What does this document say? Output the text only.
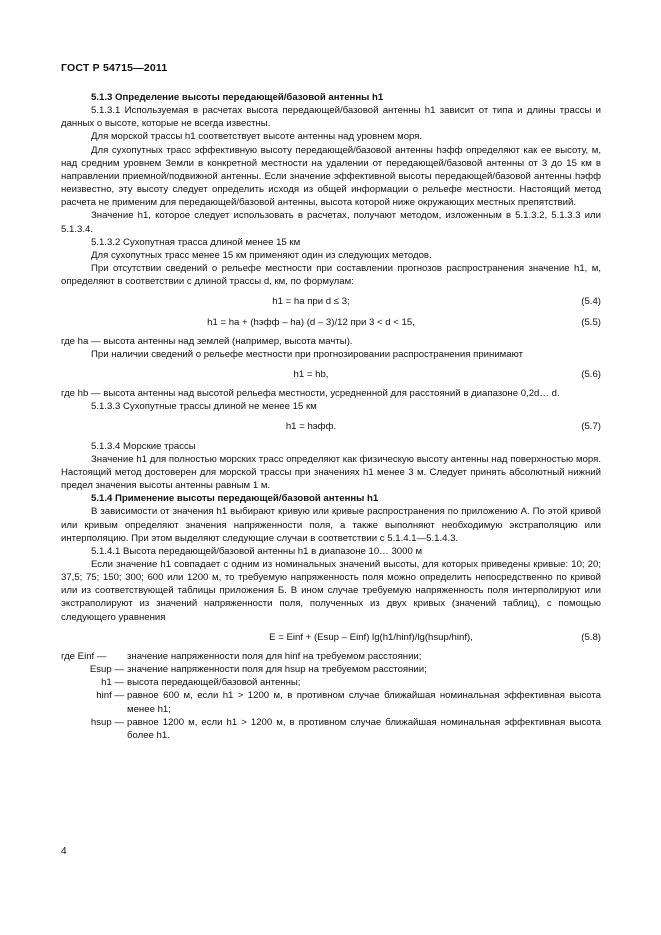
ГОСТ Р 54715—2011

5.1.3 Определение высоты передающей/базовой антенны h1

5.1.3.1 Используемая в расчетах высота передающей/базовой антенны h1 зависит от типа и длины трассы и данных о высоте, которые не всегда известны.

Для морской трассы h1 соответствует высоте антенны над уровнем моря.

Для сухопутных трасс эффективную высоту передающей/базовой антенны hэфф определяют как ее высоту, м, над средним уровнем Земли в конкретной местности на удалении от передающей/базовой антенны от 3 до 15 км в направлении приемной/подвижной антенны. Если значение эффективной высоты передающей/базовой антенны hэфф неизвестно, эту высоту следует определить исходя из общей информации о рельефе местности. Настоящий метод расчета не применим для передающей/базовой антенны, высота которой ниже окружающих местных препятствий.

Значение h1, которое следует использовать в расчетах, получают методом, изложенным в 5.1.3.2, 5.1.3.3 или 5.1.3.4.

5.1.3.2 Сухопутная трасса длиной менее 15 км

Для сухопутных трасс менее 15 км применяют один из следующих методов.

При отсутствии сведений о рельефе местности при составлении прогнозов распространения значение h1, м, определяют в соответствии с длиной трассы d, км, по формулам:

h1 = ha при d ≤ 3;	(5.4)
h1 = ha + (hэфф – ha) (d – 3)/12 при 3 < d < 15,	(5.5)

где ha — высота антенны над землей (например, высота мачты).

При наличии сведений о рельефе местности при прогнозировании распространения принимают

h1 = hb,	(5.6)

где hb — высота антенны над высотой рельефа местности, усредненной для расстояний в диапазоне 0,2d… d.

5.1.3.3 Сухопутные трассы длиной не менее 15 км

h1 = hэфф.	(5.7)

5.1.3.4 Морские трассы

Значение h1 для полностью морских трасс определяют как физическую высоту антенны над поверхностью моря. Настоящий метод достоверен для морской трассы при значениях h1 менее 3 м. Следует принять абсолютный нижний предел значения высоты антенны равным 1 м.

5.1.4 Применение высоты передающей/базовой антенны h1

В зависимости от значения h1 выбирают кривую или кривые распространения по приложению А. По этой кривой или кривым определяют значения напряженности поля, а также выполняют необходимую экстраполяцию или интерполяцию. При этом выделяют следующие случаи в соответствии с 5.1.4.1—5.1.4.3.

5.1.4.1 Высота передающей/базовой антенны h1 в диапазоне 10… 3000 м

Если значение h1 совпадает с одним из номинальных значений высоты, для которых приведены кривые: 10; 20; 37,5; 75; 150; 300; 600 или 1200 м, то требуемую напряженность поля можно определить непосредственно по кривой или из соответствующей таблицы приложения Б. В ином случае требуемую напряженность поля интерполируют или экстраполируют из значений напряженности поля, полученных из двух кривых (значений таблиц), с помощью следующего уравнения

E = Einf + (Esup – Einf) lg(h1/hinf)/lg(hsup/hinf),	(5.8)
где Einf —	значение напряженности поля для hinf на требуемом расстоянии;
Esup — значение напряженности поля для hsup на требуемом расстоянии;
h1 — высота передающей/базовой антенны;
hinf — равное 600 м, если h1 > 1200 м, в противном случае ближайшая номинальная эффективная высота менее h1;
hsup — равное 1200 м, если h1 > 1200 м, в противном случае ближайшая номинальная эффективная высота более h1.
4
